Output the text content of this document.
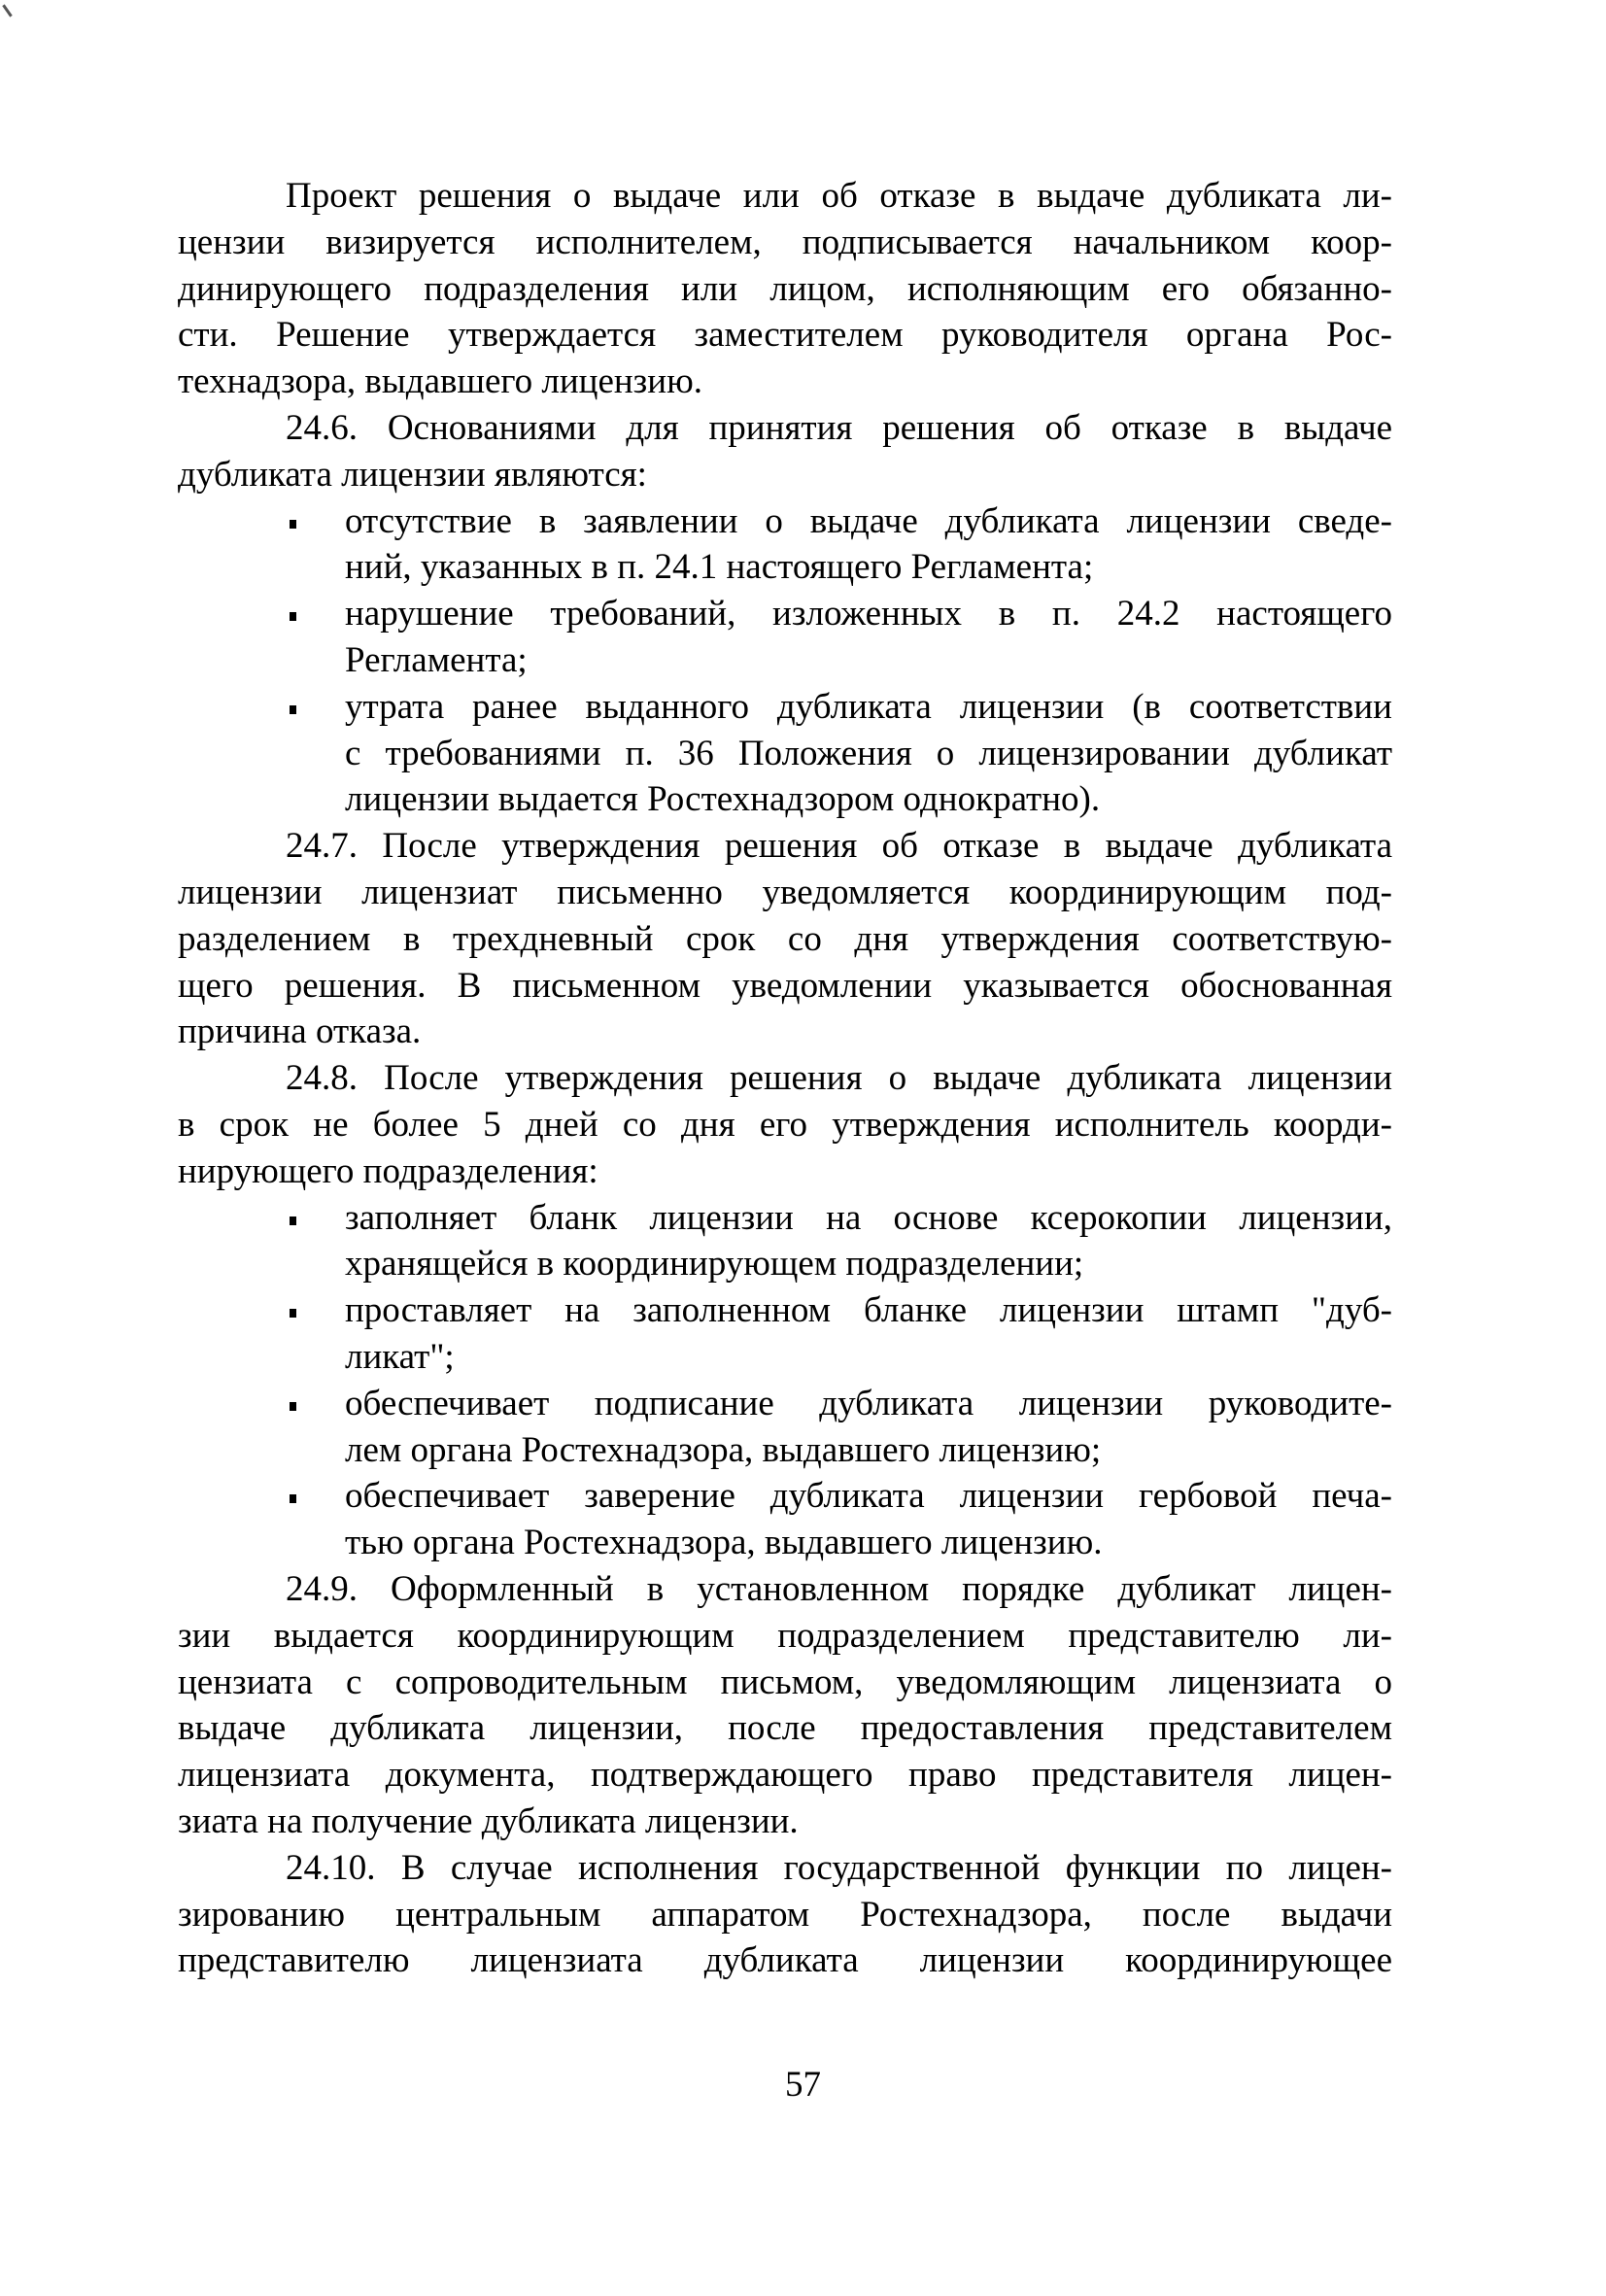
Проект решения о выдаче или об отказе в выдаче дубликата ли-
цензии визируется исполнителем, подписывается начальником коор-
динирующего подразделения или лицом, исполняющим его обязанно-
сти. Решение утверждается заместителем руководителя органа Рос-
технадзора, выдавшего лицензию.
24.6. Основаниями для принятия решения об отказе в выдаче
дубликата лицензии являются:
отсутствие в заявлении о выдаче дубликата лицензии сведе-
ний, указанных в п. 24.1 настоящего Регламента;
нарушение требований, изложенных в п. 24.2 настоящего
Регламента;
утрата ранее выданного дубликата лицензии (в соответствии
с требованиями п. 36 Положения о лицензировании дубликат
лицензии выдается Ростехнадзором однократно).
24.7. После утверждения решения об отказе в выдаче дубликата
лицензии лицензиат письменно уведомляется координирующим под-
разделением в трехдневный срок со дня утверждения соответствую-
щего решения. В письменном уведомлении указывается обоснованная
причина отказа.
24.8. После утверждения решения о выдаче дубликата лицензии
в срок не более 5 дней со дня его утверждения исполнитель коорди-
нирующего подразделения:
заполняет бланк лицензии на основе ксерокопии лицензии,
хранящейся в координирующем подразделении;
проставляет на заполненном бланке лицензии штамп "дуб-
ликат";
обеспечивает подписание дубликата лицензии руководите-
лем органа Ростехнадзора, выдавшего лицензию;
обеспечивает заверение дубликата лицензии гербовой печа-
тью органа Ростехнадзора, выдавшего лицензию.
24.9. Оформленный в установленном порядке дубликат лицен-
зии выдается координирующим подразделением представителю ли-
цензиата с сопроводительным письмом, уведомляющим лицензиата о
выдаче дубликата лицензии, после предоставления представителем
лицензиата документа, подтверждающего право представителя лицен-
зиата на получение дубликата лицензии.
24.10. В случае исполнения государственной функции по лицен-
зированию центральным аппаратом Ростехнадзора, после выдачи
представителю лицензиата дубликата лицензии координирующее
57
